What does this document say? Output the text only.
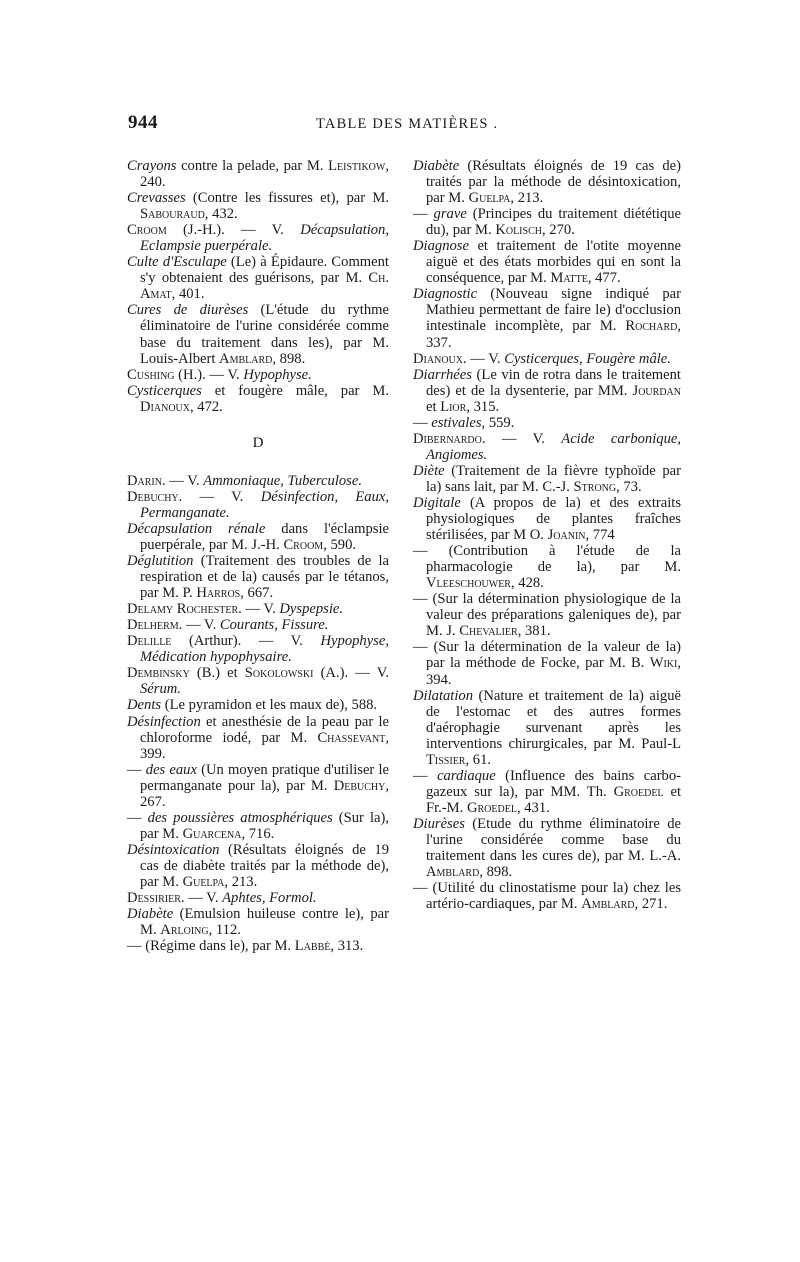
944	TABLE DES MATIÈRES .

Crayons contre la pelade, par M. Leistikow, 240.

Crevasses (Contre les fissures et), par M. Sabouraud, 432.

Croom (J.-H.). — V. Décapsulation, Eclampsie puerpérale.

Culte d'Esculape (Le) à Épidaure. Comment s'y obtenaient des guérisons, par M. Ch. Amat, 401.

Cures de diurèses (L'étude du rythme éliminatoire de l'urine considérée comme base du traitement dans les), par M. Louis-Albert Amblard, 898.

Cushing (H.). — V. Hypophyse.

Cysticerques et fougère mâle, par M. Dianoux, 472.

D

Darin. — V. Ammoniaque, Tuberculose.

Debuchy. — V. Désinfection, Eaux, Permanganate.

Décapsulation rénale dans l'éclampsie puerpérale, par M. J.-H. Croom, 590.

Déglutition (Traitement des troubles de la respiration et de la) causés par le tétanos, par M. P. Harros, 667.

Delamy Rochester. — V. Dyspepsie.

Delherm. — V. Courants, Fissure.

Delille (Arthur). — V. Hypophyse, Médication hypophysaire.

Dembinsky (B.) et Sokolowski (A.). — V. Sérum.

Dents (Le pyramidon et les maux de), 588.

Désinfection et anesthésie de la peau par le chloroforme iodé, par M. Chassevant, 399.

— des eaux (Un moyen pratique d'utiliser le permanganate pour la), par M. Debuchy, 267.

— des poussières atmosphériques (Sur la), par M. Guarcena, 716.

Désintoxication (Résultats éloignés de 19 cas de diabète traités par la méthode de), par M. Guelpa, 213.

Dessirier. — V. Aphtes, Formol.

Diabète (Emulsion huileuse contre le), par M. Arloing, 112.

— (Régime dans le), par M. Labbé, 313.

Diabète (Résultats éloignés de 19 cas de) traités par la méthode de désintoxication, par M. Guelpa, 213.

— grave (Principes du traitement diététique du), par M. Kolisch, 270.

Diagnose et traitement de l'otite moyenne aiguë et des états morbides qui en sont la conséquence, par M. Matte, 477.

Diagnostic (Nouveau signe indiqué par Mathieu permettant de faire le) d'occlusion intestinale incomplète, par M. Rochard, 337.

Dianoux. — V. Cysticerques, Fougère mâle.

Diarrhées (Le vin de rotra dans le traitement des) et de la dysenterie, par MM. Jourdan et Lior, 315.

— estivales, 559.

Dibernardo. — V. Acide carbonique, Angiomes.

Diète (Traitement de la fièvre typhoïde par la) sans lait, par M. C.-J. Strong, 73.

Digitale (A propos de la) et des extraits physiologiques de plantes fraîches stérilisées, par M O. Joanin, 774

— (Contribution à l'étude de la pharmacologie de la), par M. Vleeschouwer, 428.

— (Sur la détermination physiologique de la valeur des préparations galeniques de), par M. J. Chevalier, 381.

— (Sur la détermination de la valeur de la) par la méthode de Focke, par M. B. Wiki, 394.

Dilatation (Nature et traitement de la) aiguë de l'estomac et des autres formes d'aérophagie survenant après les interventions chirurgicales, par M. Paul-L Tissier, 61.

— cardiaque (Influence des bains carbo-gazeux sur la), par MM. Th. Groedel et Fr.-M. Groedel, 431.

Diurèses (Etude du rythme éliminatoire de l'urine considérée comme base du traitement dans les cures de), par M. L.-A. Amblard, 898.

— (Utilité du clinostatisme pour la) chez les artério-cardiaques, par M. Amblard, 271.
